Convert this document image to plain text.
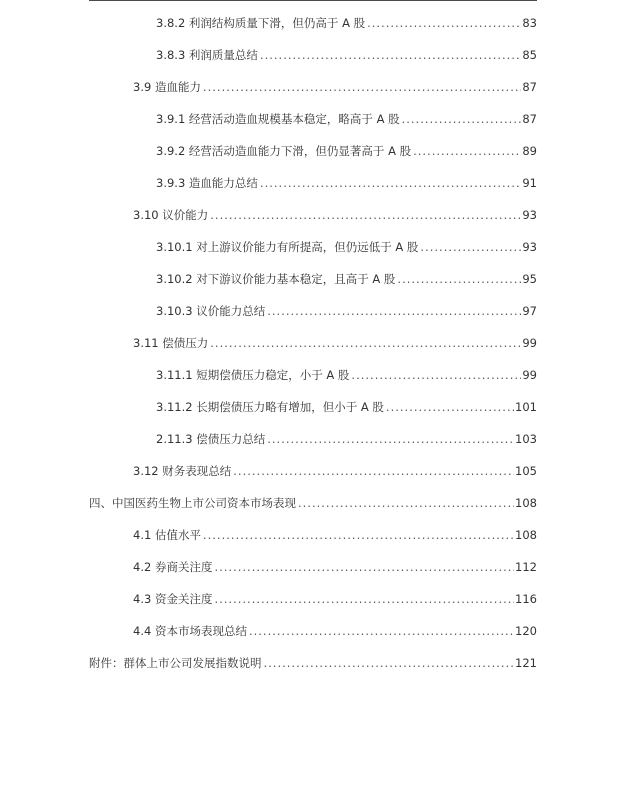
3.8.2 利润结构质量下滑，但仍高于 A 股 .....	83
3.8.3 利润质量总结 .....	85
3.9 造血能力 .....	87
3.9.1 经营活动造血规模基本稳定，略高于 A 股 .....	87
3.9.2 经营活动造血能力下滑，但仍显著高于 A 股 .....	89
3.9.3 造血能力总结 .....	91
3.10 议价能力 .....	93
3.10.1 对上游议价能力有所提高，但仍远低于 A 股 .....	93
3.10.2 对下游议价能力基本稳定，且高于 A 股 .....	95
3.10.3 议价能力总结 .....	97
3.11 偿债压力 .....	99
3.11.1 短期偿债压力稳定，小于 A 股 .....	99
3.11.2 长期偿债压力略有增加，但小于 A 股 .....	101
2.11.3 偿债压力总结 .....	103
3.12 财务表现总结 .....	105
四、中国医药生物上市公司资本市场表现 .....	108
4.1 估值水平 .....	108
4.2 券商关注度 .....	112
4.3 资金关注度 .....	116
4.4 资本市场表现总结 .....	120
附件：群体上市公司发展指数说明 .....	121
